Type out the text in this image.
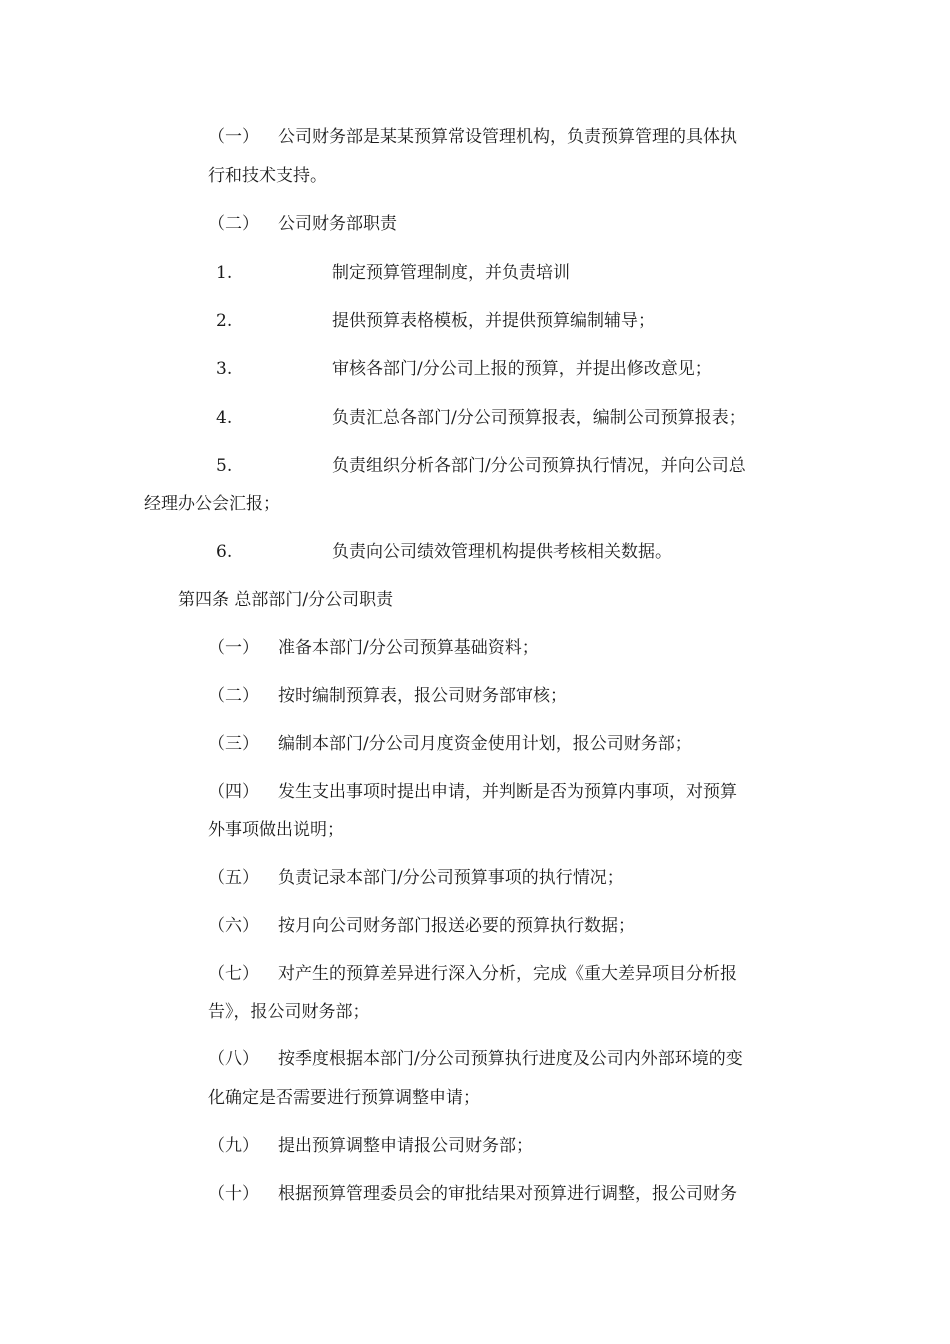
（一） 公司财务部是某某预算常设管理机构，负责预算管理的具体执
行和技术支持。
（二） 公司财务部职责
1.	制定预算管理制度，并负责培训
2.	提供预算表格模板，并提供预算编制辅导；
3.	审核各部门/分公司上报的预算，并提出修改意见；
4.	负责汇总各部门/分公司预算报表，编制公司预算报表；
5.	负责组织分析各部门/分公司预算执行情况，并向公司总
经理办公会汇报；
6.	负责向公司绩效管理机构提供考核相关数据。
第四条 总部部门/分公司职责
（一） 准备本部门/分公司预算基础资料；
（二） 按时编制预算表，报公司财务部审核；
（三） 编制本部门/分公司月度资金使用计划，报公司财务部；
（四） 发生支出事项时提出申请，并判断是否为预算内事项，对预算
外事项做出说明；
（五） 负责记录本部门/分公司预算事项的执行情况；
（六） 按月向公司财务部门报送必要的预算执行数据；
（七） 对产生的预算差异进行深入分析，完成《重大差异项目分析报
告》，报公司财务部；
（八） 按季度根据本部门/分公司预算执行进度及公司内外部环境的变
化确定是否需要进行预算调整申请；
（九） 提出预算调整申请报公司财务部；
（十） 根据预算管理委员会的审批结果对预算进行调整，报公司财务
